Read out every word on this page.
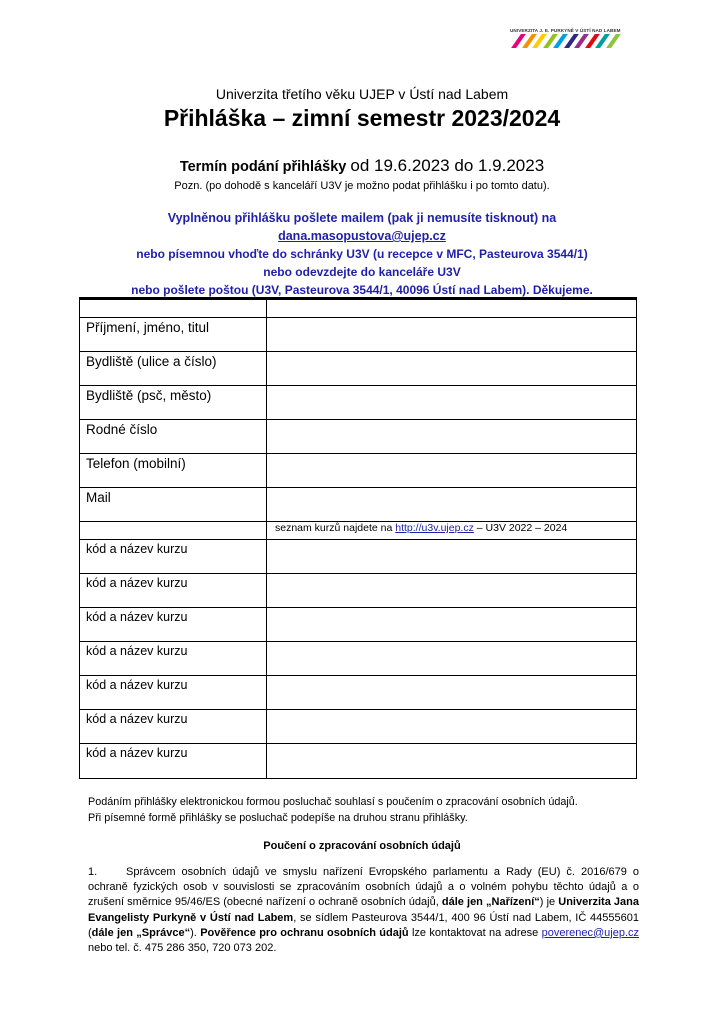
UNIVERZITA J. E. PURKYNĚ V ÚSTÍ NAD LABEM
Univerzita třetího věku UJEP v Ústí nad Labem
Přihláška – zimní semestr 2023/2024
Termín podání přihlášky od 19.6.2023 do 1.9.2023
Pozn. (po dohodě s kanceláří U3V je možno podat přihlášku i po tomto datu).
Vyplněnou přihlášku pošlete mailem (pak ji nemusíte tisknout) na
dana.masopustova@ujep.cz
nebo písemnou vhoďte do schránky U3V (u recepce v MFC, Pasteurova 3544/1)
nebo odevzdejte do kanceláře U3V
nebo pošlete poštou (U3V, Pasteurova 3544/1, 40096 Ústí nad Labem). Děkujeme.
Příjmení, jméno, titul
Bydliště (ulice a číslo)
Bydliště (psč, město)
Rodné číslo
Telefon (mobilní)
Mail
seznam kurzů najdete na http://u3v.ujep.cz – U3V 2022 – 2024
kód a název kurzu
kód a název kurzu
kód a název kurzu
kód a název kurzu
kód a název kurzu
kód a název kurzu
kód a název kurzu
Podáním přihlášky elektronickou formou posluchač souhlasí s poučením o zpracování osobních údajů.
Při písemné formě přihlášky se posluchač podepíše na druhou stranu přihlášky.
Poučení o zpracování osobních údajů
1.	Správcem osobních údajů ve smyslu nařízení Evropského parlamentu a Rady (EU) č. 2016/679 o ochraně fyzických osob v souvislosti se zpracováním osobních údajů a o volném pohybu těchto údajů a o zrušení směrnice 95/46/ES (obecné nařízení o ochraně osobních údajů, dále jen „Nařízení“) je Univerzita Jana Evangelisty Purkyně v Ústí nad Labem, se sídlem Pasteurova 3544/1, 400 96 Ústí nad Labem, IČ 44555601 (dále jen „Správce“). Pověřence pro ochranu osobních údajů lze kontaktovat na adrese poverenec@ujep.cz nebo tel. č. 475 286 350, 720 073 202.
